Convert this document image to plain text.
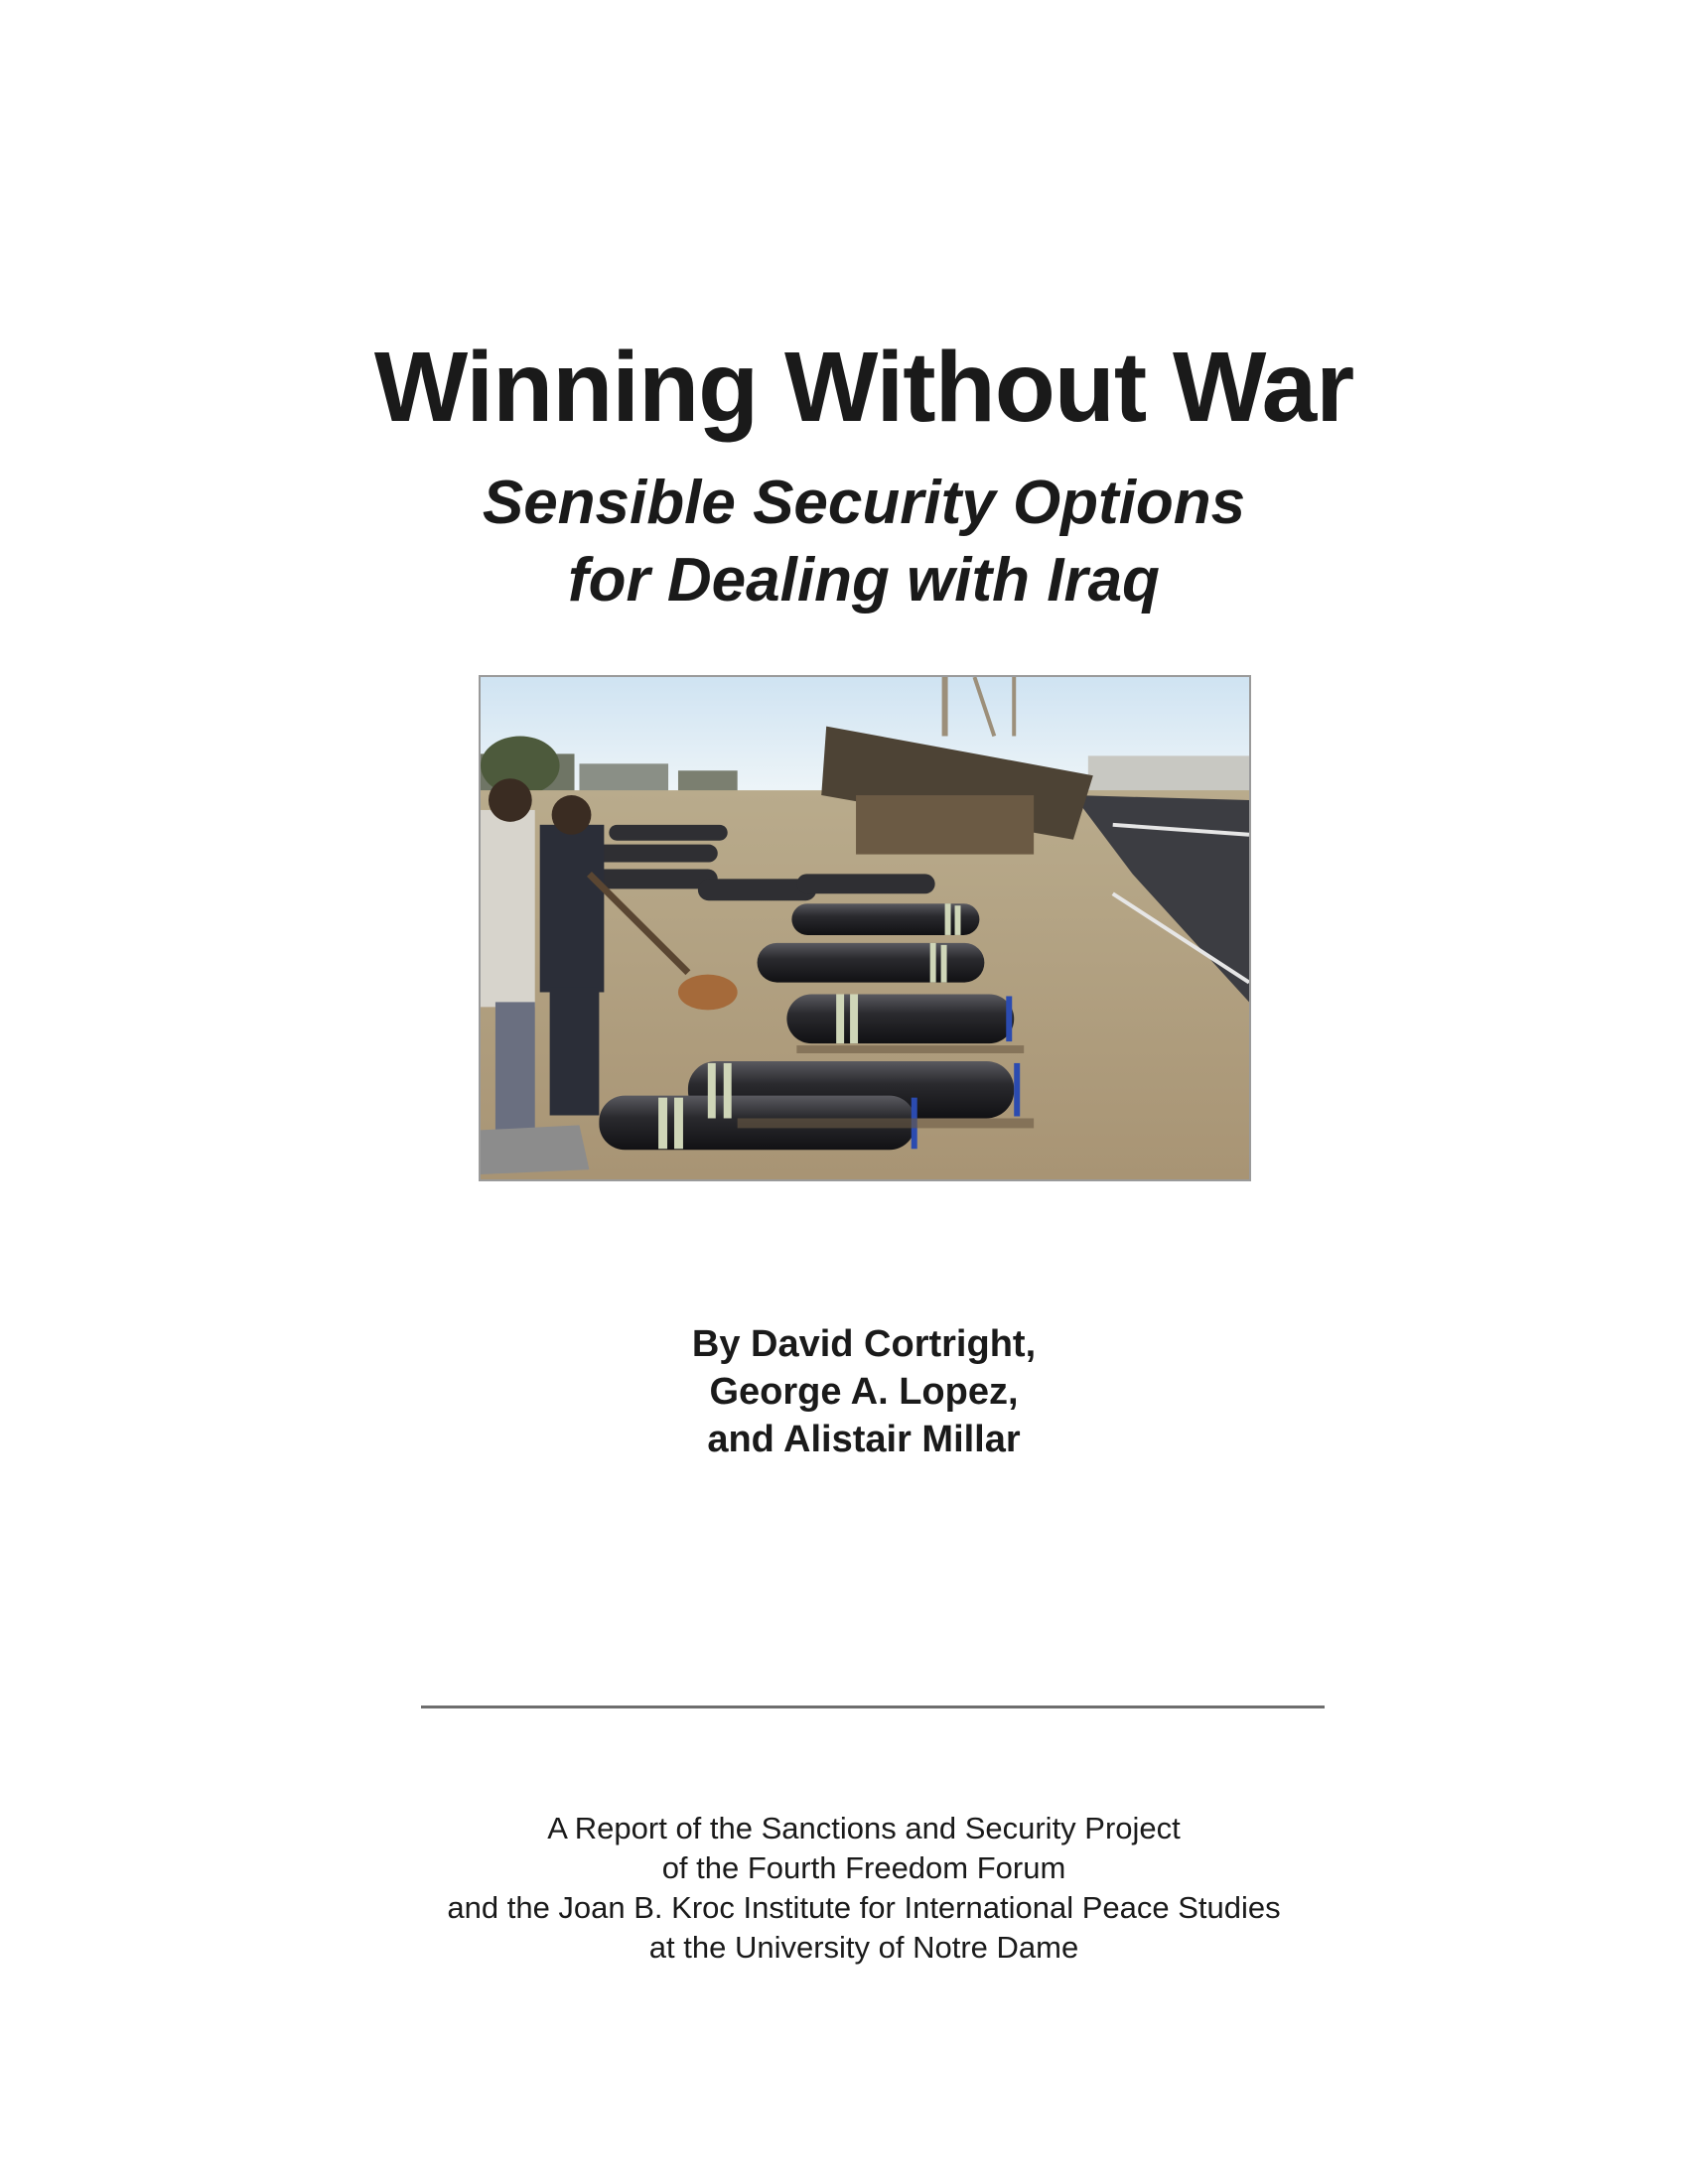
Winning Without War
Sensible Security Options
for Dealing with Iraq
By David Cortright,
George A. Lopez,
and Alistair Millar
A Report of the Sanctions and Security Project
of the Fourth Freedom Forum
and the Joan B. Kroc Institute for International Peace Studies
at the University of Notre Dame
